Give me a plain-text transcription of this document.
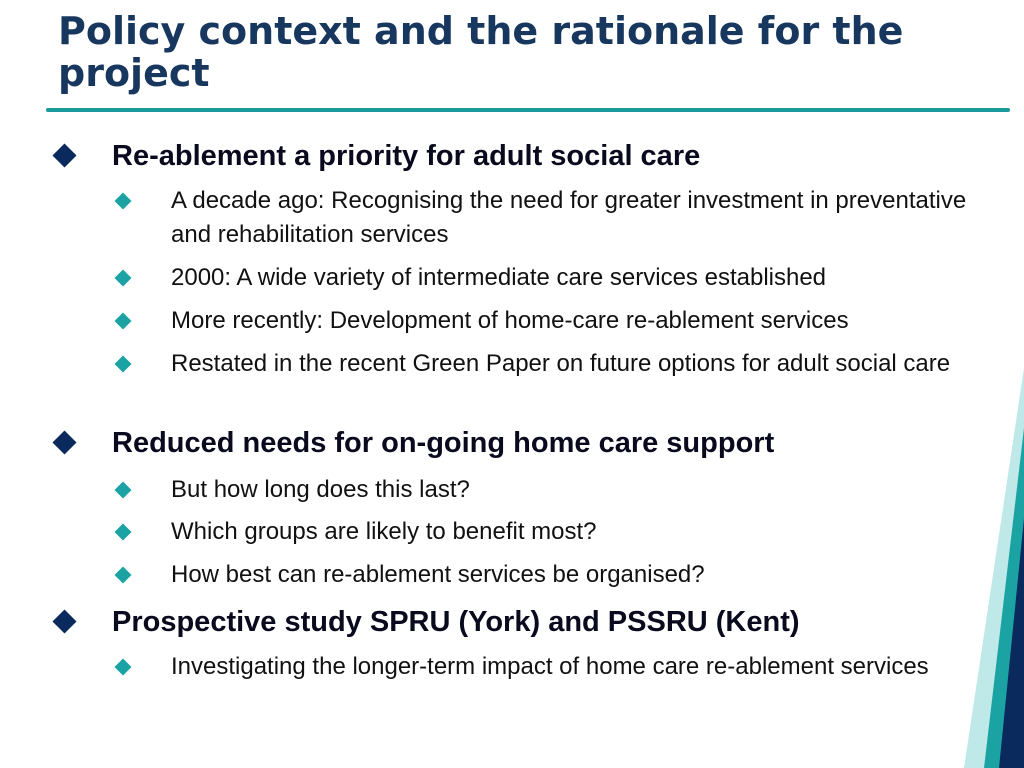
Policy context and the rationale for the project
Re-ablement a priority for adult social care
A decade ago: Recognising the need for greater investment in preventative and rehabilitation services
2000: A wide variety of intermediate care services established
More recently: Development of home-care re-ablement services
Restated in the recent Green Paper on future options for adult social care
Reduced needs for on-going home care support
But how long does this last?
Which groups are likely to benefit most?
How best can re-ablement services be organised?
Prospective study SPRU (York) and PSSRU (Kent)
Investigating the longer-term impact of home care re-ablement services
